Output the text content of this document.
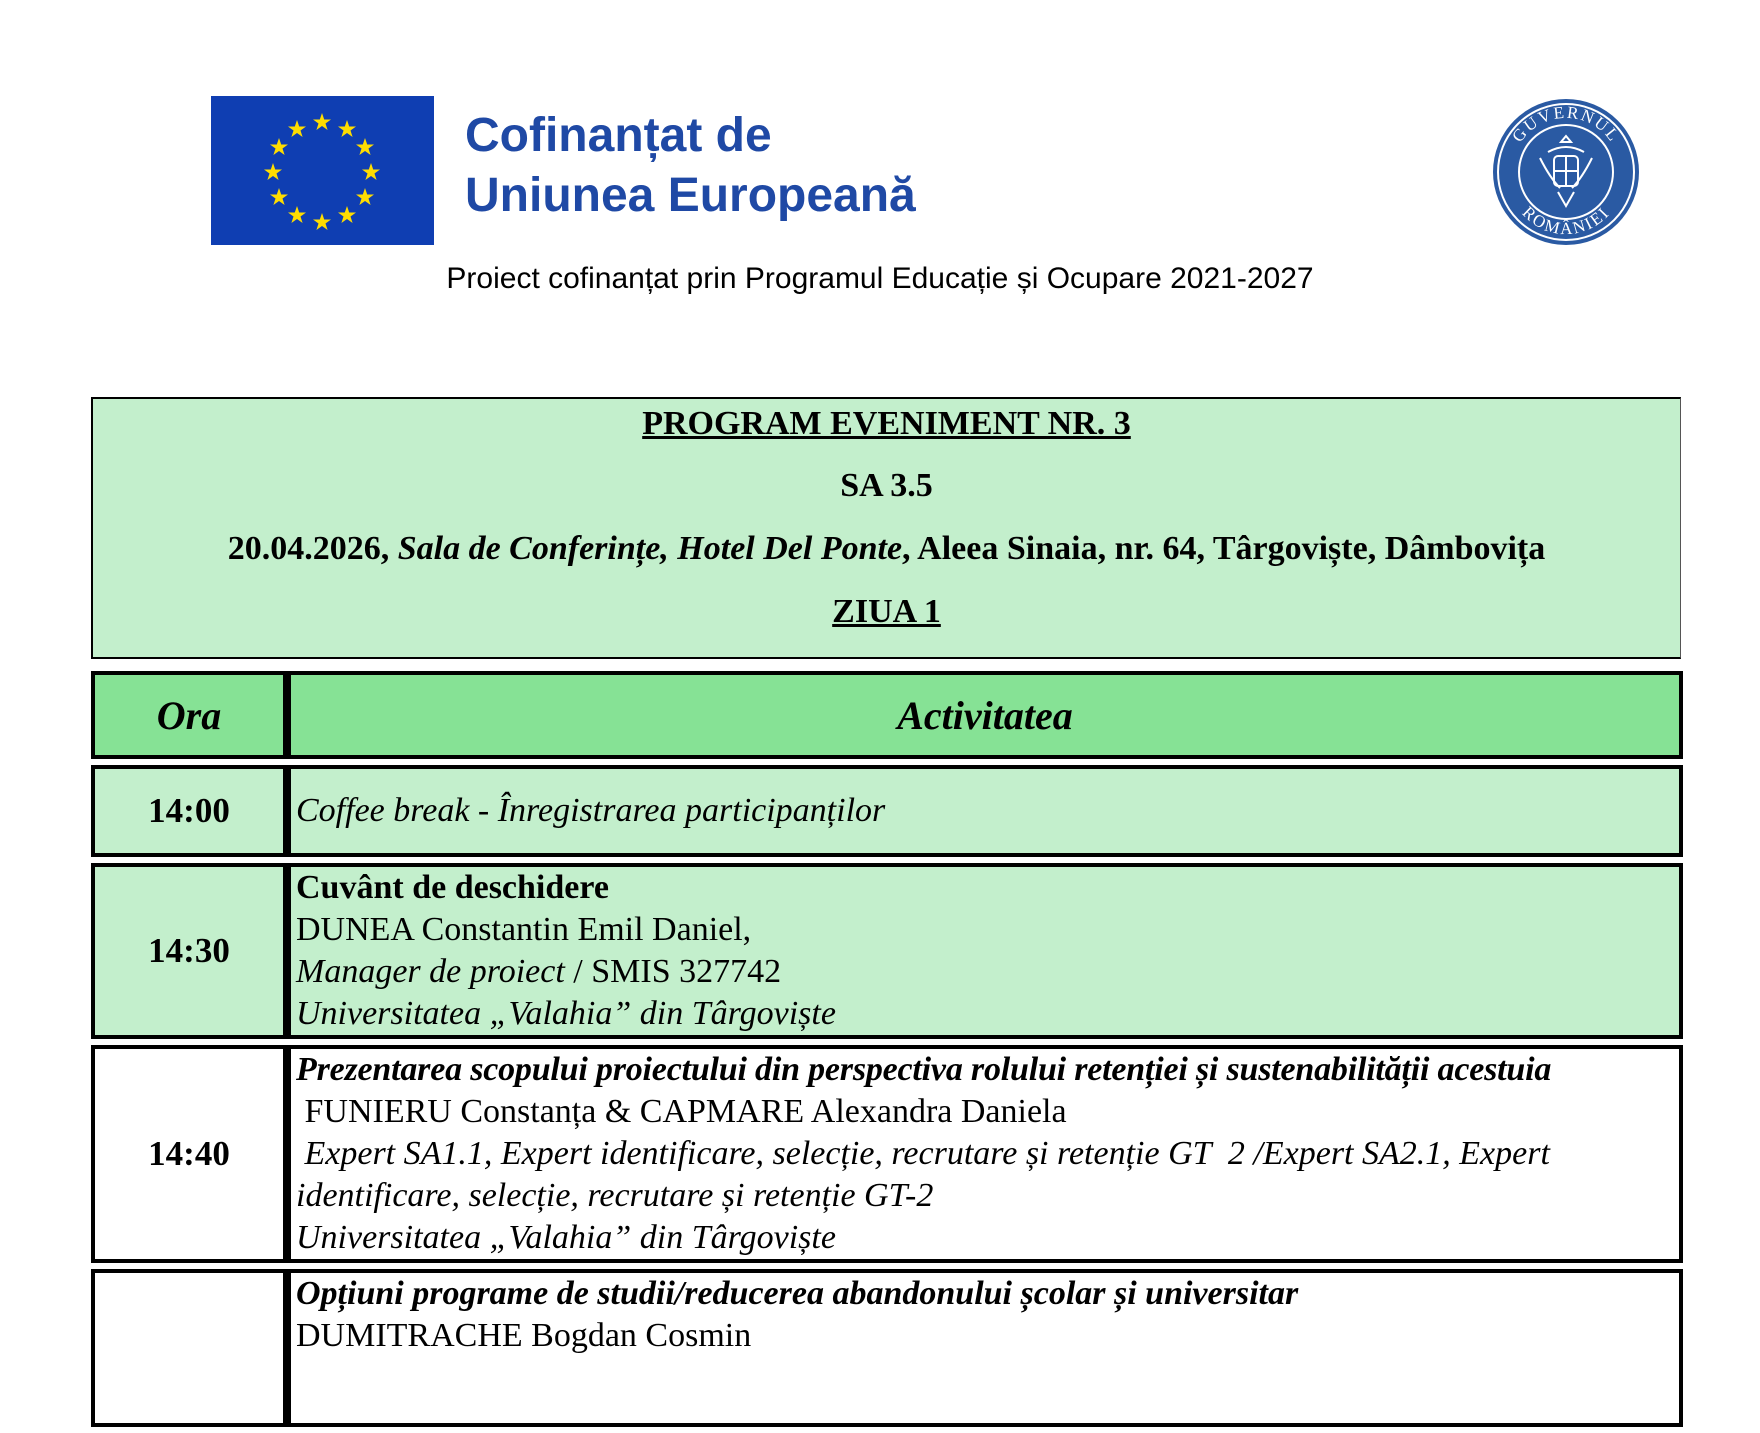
Cofinanțat de
Uniunea Europeană
GUVERNUL
ROMÂNIEI
Proiect cofinanțat prin Programul Educație și Ocupare 2021-2027
PROGRAM EVENIMENT NR. 3
SA 3.5
20.04.2026, Sala de Conferințe, Hotel Del Ponte, Aleea Sinaia, nr. 64, Târgoviște, Dâmbovița
ZIUA 1
Ora	Activitatea
14:00	Coffee break - Înregistrarea participanților
14:30	Cuvânt de deschidere
DUNEA Constantin Emil Daniel,
Manager de proiect / SMIS 327742
Universitatea „Valahia” din Târgoviște

14:40	Prezentarea scopului proiectului din perspectiva rolului retenției și sustenabilității acestuia
FUNIERU Constanța & CAPMARE Alexandra Daniela
Expert SA1.1, Expert identificare, selecție, recrutare și retenție GT  2 /Expert SA2.1, Expert identificare, selecție, recrutare și retenție GT-2
Universitatea „Valahia” din Târgoviște

	Opțiuni programe de studii/reducerea abandonului școlar și universitar
DUMITRACHE Bogdan Cosmin
